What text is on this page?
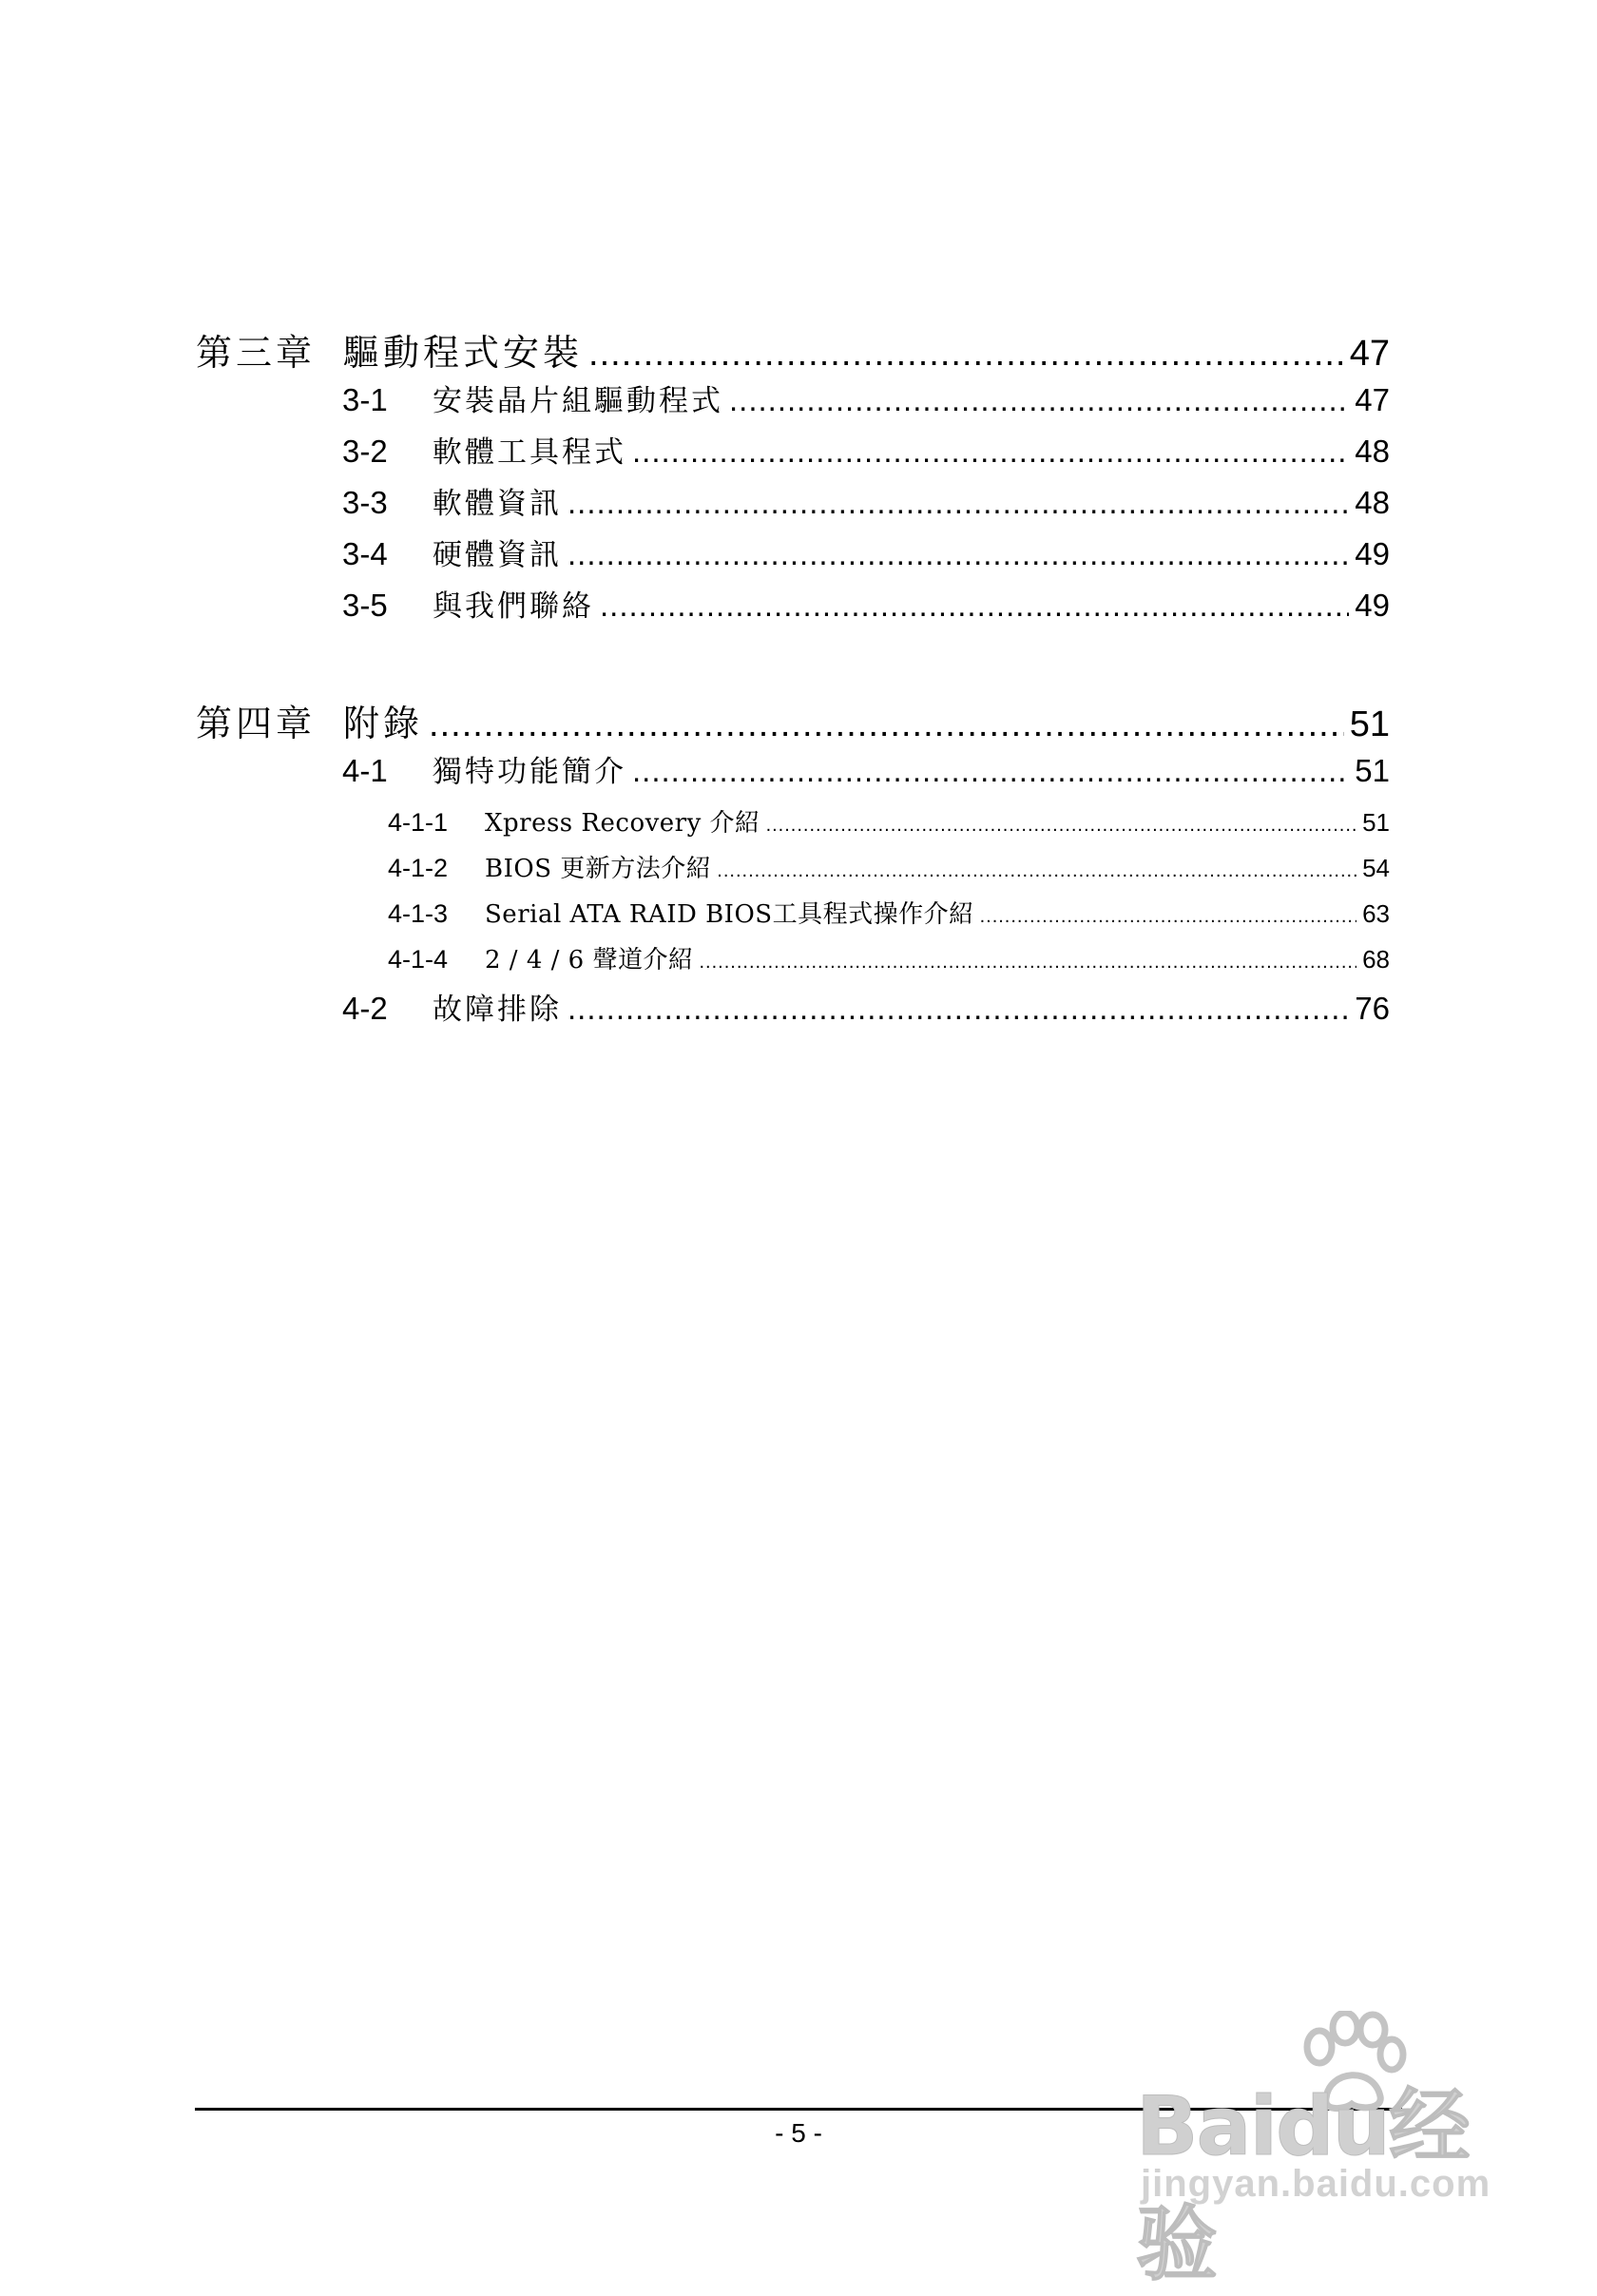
第三章 驅動程式安裝 .....	47
3-1	安裝晶片組驅動程式 .....	47
3-2	軟體工具程式 .....	48
3-3	軟體資訊 .....	48
3-4	硬體資訊 .....	49
3-5	與我們聯絡 .....	49
第四章 附錄 .....	51
4-1	獨特功能簡介 .....	51
4-1-1	Xpress Recovery 介紹 .....	51
4-1-2	BIOS 更新方法介紹 .....	54
4-1-3	Serial ATA RAID BIOS工具程式操作介紹 .....	63
4-1-4	2 / 4 / 6 聲道介紹 .....	68
4-2	故障排除 .....	76
- 5 -	Baidu经验
jingyan.baidu.com
